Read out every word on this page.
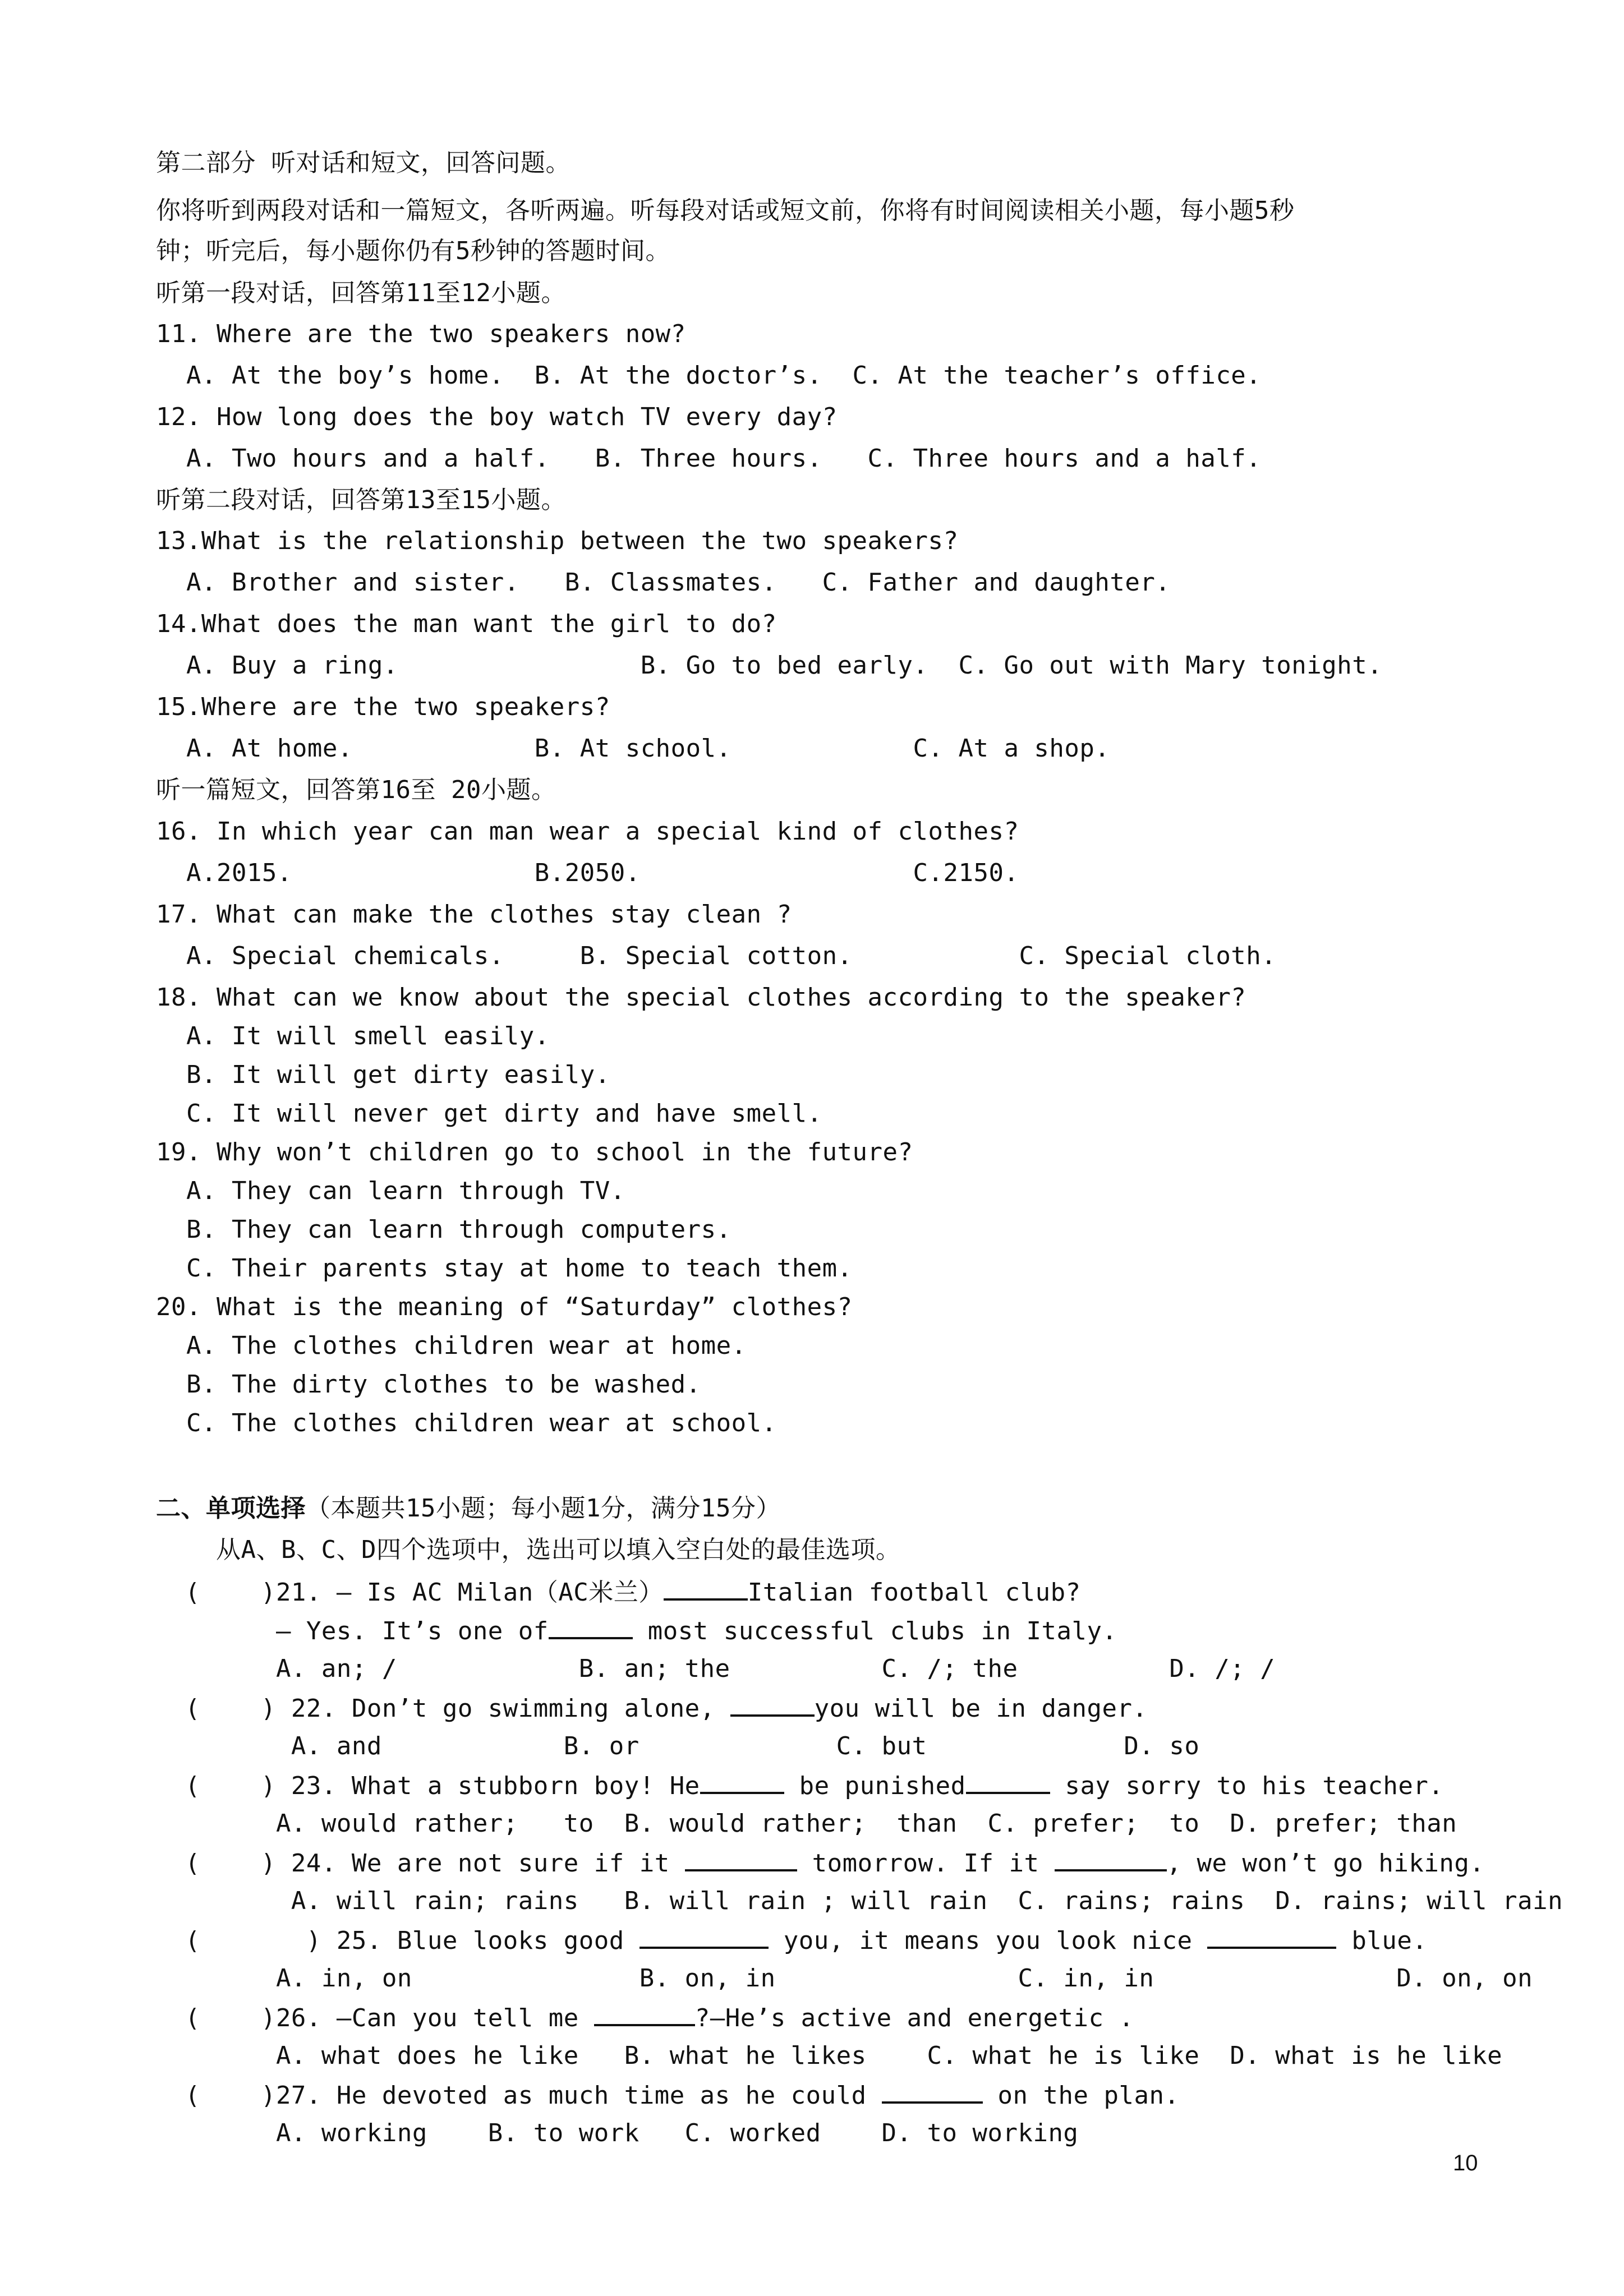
第二部分 听对话和短文，回答问题。
你将听到两段对话和一篇短文，各听两遍。听每段对话或短文前，你将有时间阅读相关小题，每小题5秒
钟；听完后，每小题你仍有5秒钟的答题时间。
听第一段对话，回答第11至12小题。
11. Where are the two speakers now?
A. At the boy’s home.  B. At the doctor’s.  C. At the teacher’s office.
12. How long does the boy watch TV every day?
A. Two hours and a half.   B. Three hours.   C. Three hours and a half.
听第二段对话，回答第13至15小题。
13.What is the relationship between the two speakers?
A. Brother and sister.   B. Classmates.   C. Father and daughter.
14.What does the man want the girl to do?
A. Buy a ring.                B. Go to bed early.  C. Go out with Mary tonight.
15.Where are the two speakers?
A. At home.            B. At school.            C. At a shop.
听一篇短文，回答第16至 20小题。
16. In which year can man wear a special kind of clothes?
A.2015.                B.2050.                  C.2150.
17. What can make the clothes stay clean ?
A. Special chemicals.     B. Special cotton.           C. Special cloth.
18. What can we know about the special clothes according to the speaker?
A. It will smell easily.
B. It will get dirty easily.
C. It will never get dirty and have smell.
19. Why won’t children go to school in the future?
A. They can learn through TV.
B. They can learn through computers.
C. Their parents stay at home to teach them.
20. What is the meaning of “Saturday” clothes?
A. The clothes children wear at home.
B. The dirty clothes to be washed.
C. The clothes children wear at school.
二、单项选择（本题共15小题；每小题1分，满分15分）
从A、B、C、D四个选项中，选出可以填入空白处的最佳选项。
(    )21. — Is AC Milan（AC米兰）	Italian football club?
— Yes. It’s one of	most successful clubs in Italy.
A. an; /            B. an; the          C. /; the          D. /; /
(    ) 22. Don’t go swimming alone,	you will be in danger.
A. and            B. or             C. but             D. so
(    ) 23. What a stubborn boy! He	be punished	say sorry to his teacher.
A. would rather;   to  B. would rather;  than  C. prefer;  to  D. prefer; than
(    ) 24. We are not sure if it	tomorrow. If it	, we won’t go hiking.
A. will rain; rains   B. will rain ; will rain  C. rains; rains  D. rains; will rain
(       ) 25. Blue looks good	you, it means you look nice	blue.
A. in, on               B. on, in                C. in, in                D. on, on
(    )26. —Can you tell me	?—He’s active and energetic .
A. what does he like   B. what he likes    C. what he is like  D. what is he like
(    )27. He devoted as much time as he could	on the plan.
A. working    B. to work   C. worked    D. to working
10
